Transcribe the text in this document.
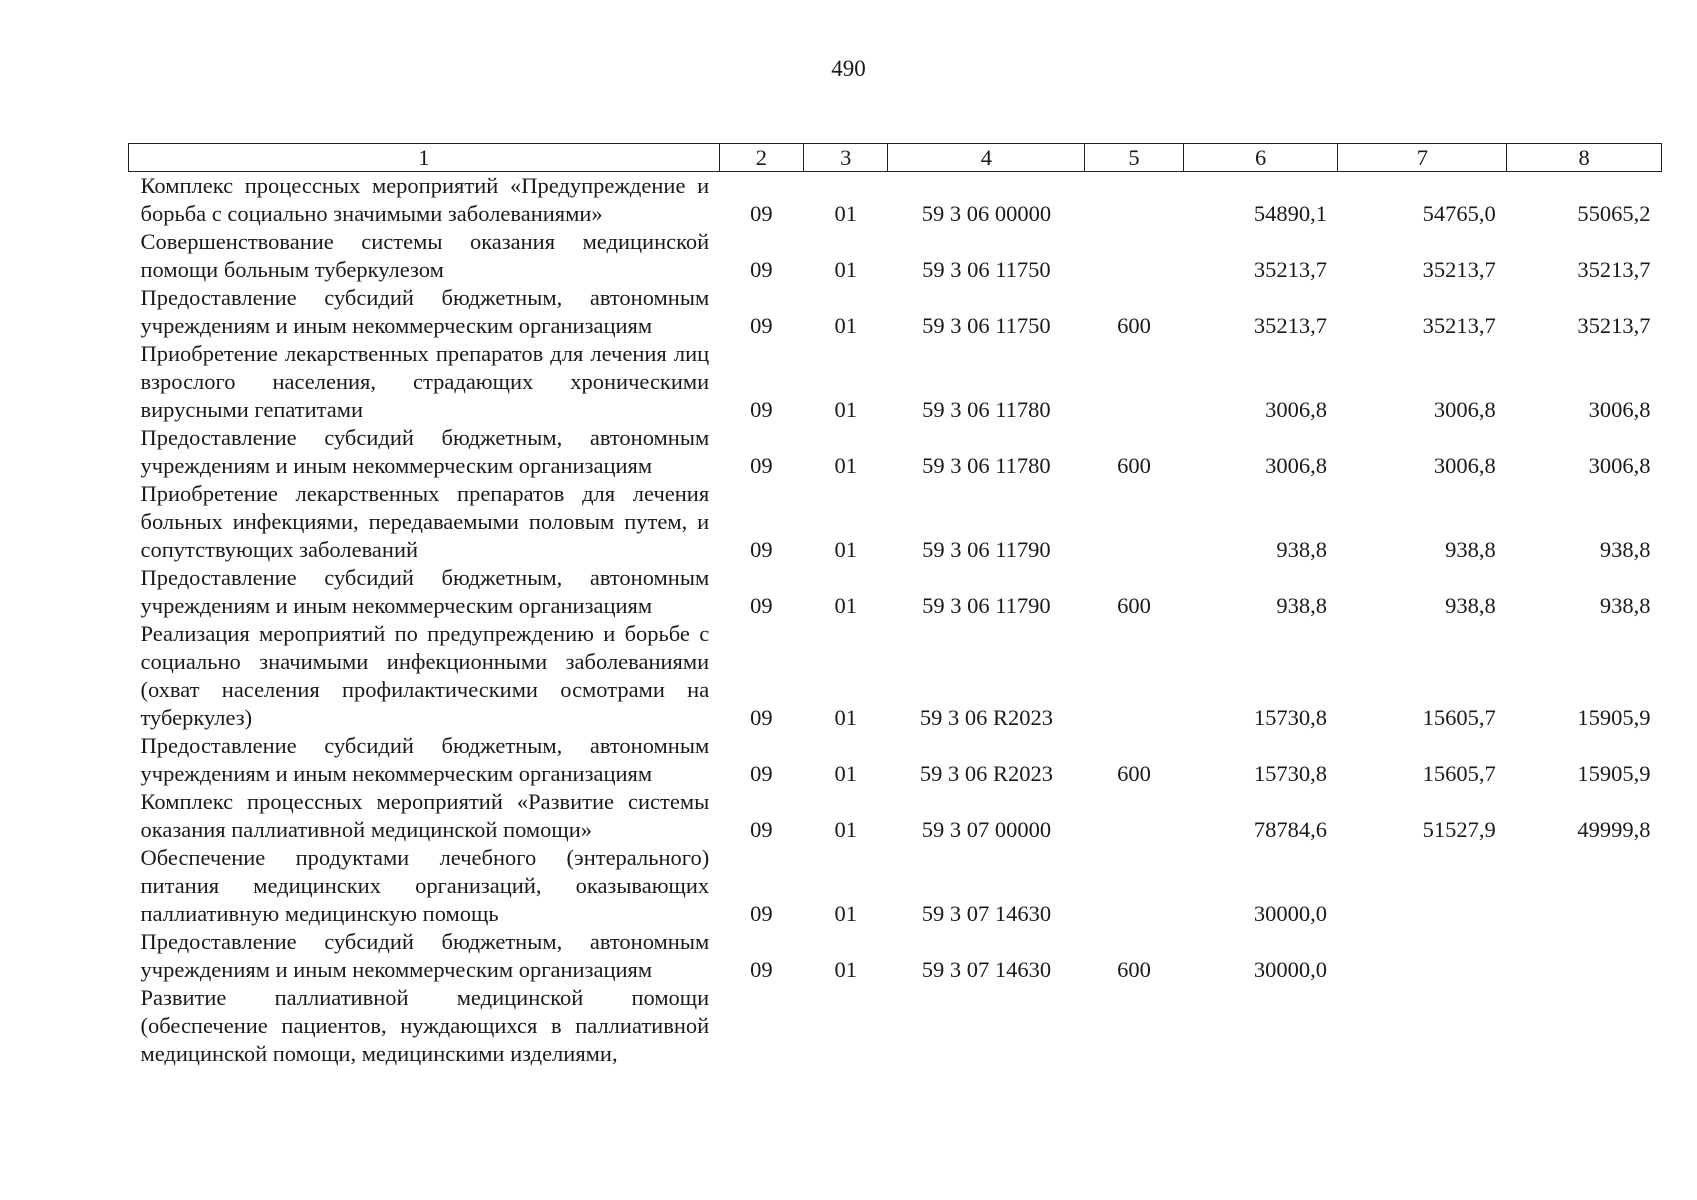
490
1	2	3	4	5	6	7	8
Комплекс процессных мероприятий «Предупреждение и борьба с социально значимыми заболеваниями»	09	01	59 3 06 00000		54890,1	54765,0	55065,2
Совершенствование системы оказания медицинской помощи больным туберкулезом	09	01	59 3 06 11750		35213,7	35213,7	35213,7
Предоставление субсидий бюджетным, автономным учреждениям и иным некоммерческим организациям	09	01	59 3 06 11750	600	35213,7	35213,7	35213,7
Приобретение лекарственных препаратов для лечения лиц взрослого населения, страдающих хроническими вирусными гепатитами	09	01	59 3 06 11780		3006,8	3006,8	3006,8
Предоставление субсидий бюджетным, автономным учреждениям и иным некоммерческим организациям	09	01	59 3 06 11780	600	3006,8	3006,8	3006,8
Приобретение лекарственных препаратов для лечения больных инфекциями, передаваемыми половым путем, и сопутствующих заболеваний	09	01	59 3 06 11790		938,8	938,8	938,8
Предоставление субсидий бюджетным, автономным учреждениям и иным некоммерческим организациям	09	01	59 3 06 11790	600	938,8	938,8	938,8
Реализация мероприятий по предупреждению и борьбе с социально значимыми инфекционными заболеваниями (охват населения профилактическими осмотрами на туберкулез)	09	01	59 3 06 R2023		15730,8	15605,7	15905,9
Предоставление субсидий бюджетным, автономным учреждениям и иным некоммерческим организациям	09	01	59 3 06 R2023	600	15730,8	15605,7	15905,9
Комплекс процессных мероприятий «Развитие системы оказания паллиативной медицинской помощи»	09	01	59 3 07 00000		78784,6	51527,9	49999,8
Обеспечение продуктами лечебного (энтерального) питания медицинских организаций, оказывающих паллиативную медицинскую помощь	09	01	59 3 07 14630		30000,0		
Предоставление субсидий бюджетным, автономным учреждениям и иным некоммерческим организациям	09	01	59 3 07 14630	600	30000,0		
Развитие паллиативной медицинской помощи (обеспечение пациентов, нуждающихся в паллиативной медицинской помощи, медицинскими изделиями,							
